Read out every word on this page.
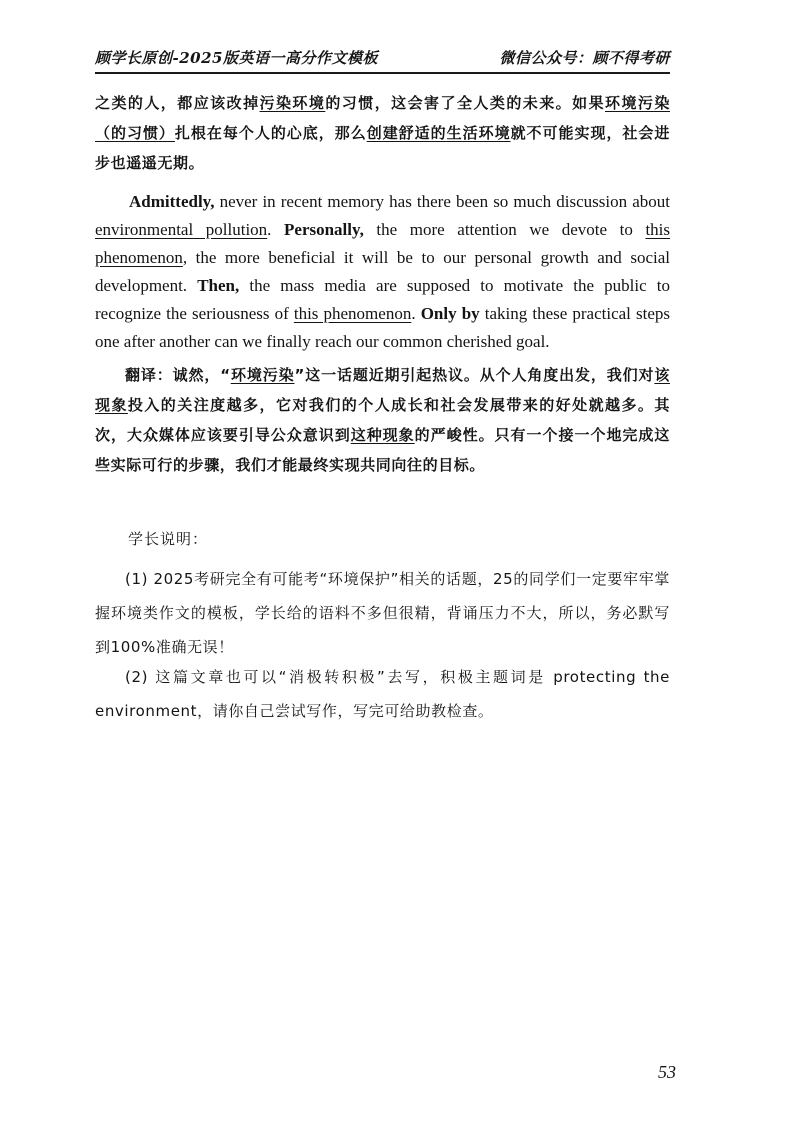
顾学长原创-2025版英语一高分作文模板	微信公众号：顾不得考研
之类的人，都应该改掉污染环境的习惯，这会害了全人类的未来。如果环境污染（的习惯）扎根在每个人的心底，那么创建舒适的生活环境就不可能实现，社会进步也遥遥无期。
Admittedly, never in recent memory has there been so much discussion about environmental pollution. Personally, the more attention we devote to this phenomenon, the more beneficial it will be to our personal growth and social development. Then, the mass media are supposed to motivate the public to recognize the seriousness of this phenomenon. Only by taking these practical steps one after another can we finally reach our common cherished goal.
翻译：诚然，“环境污染”这一话题近期引起热议。从个人角度出发，我们对该现象投入的关注度越多，它对我们的个人成长和社会发展带来的好处就越多。其次，大众媒体应该要引导公众意识到这种现象的严峻性。只有一个接一个地完成这些实际可行的步骤，我们才能最终实现共同向往的目标。
学长说明：
(1) 2025考研完全有可能考“环境保护”相关的话题，25的同学们一定要牢牢掌握环境类作文的模板，学长给的语料不多但很精，背诵压力不大，所以，务必默写到100%准确无误！
(2) 这篇文章也可以“消极转积极”去写，积极主题词是 protecting the environment，请你自己尝试写作，写完可给助教检查。
53
